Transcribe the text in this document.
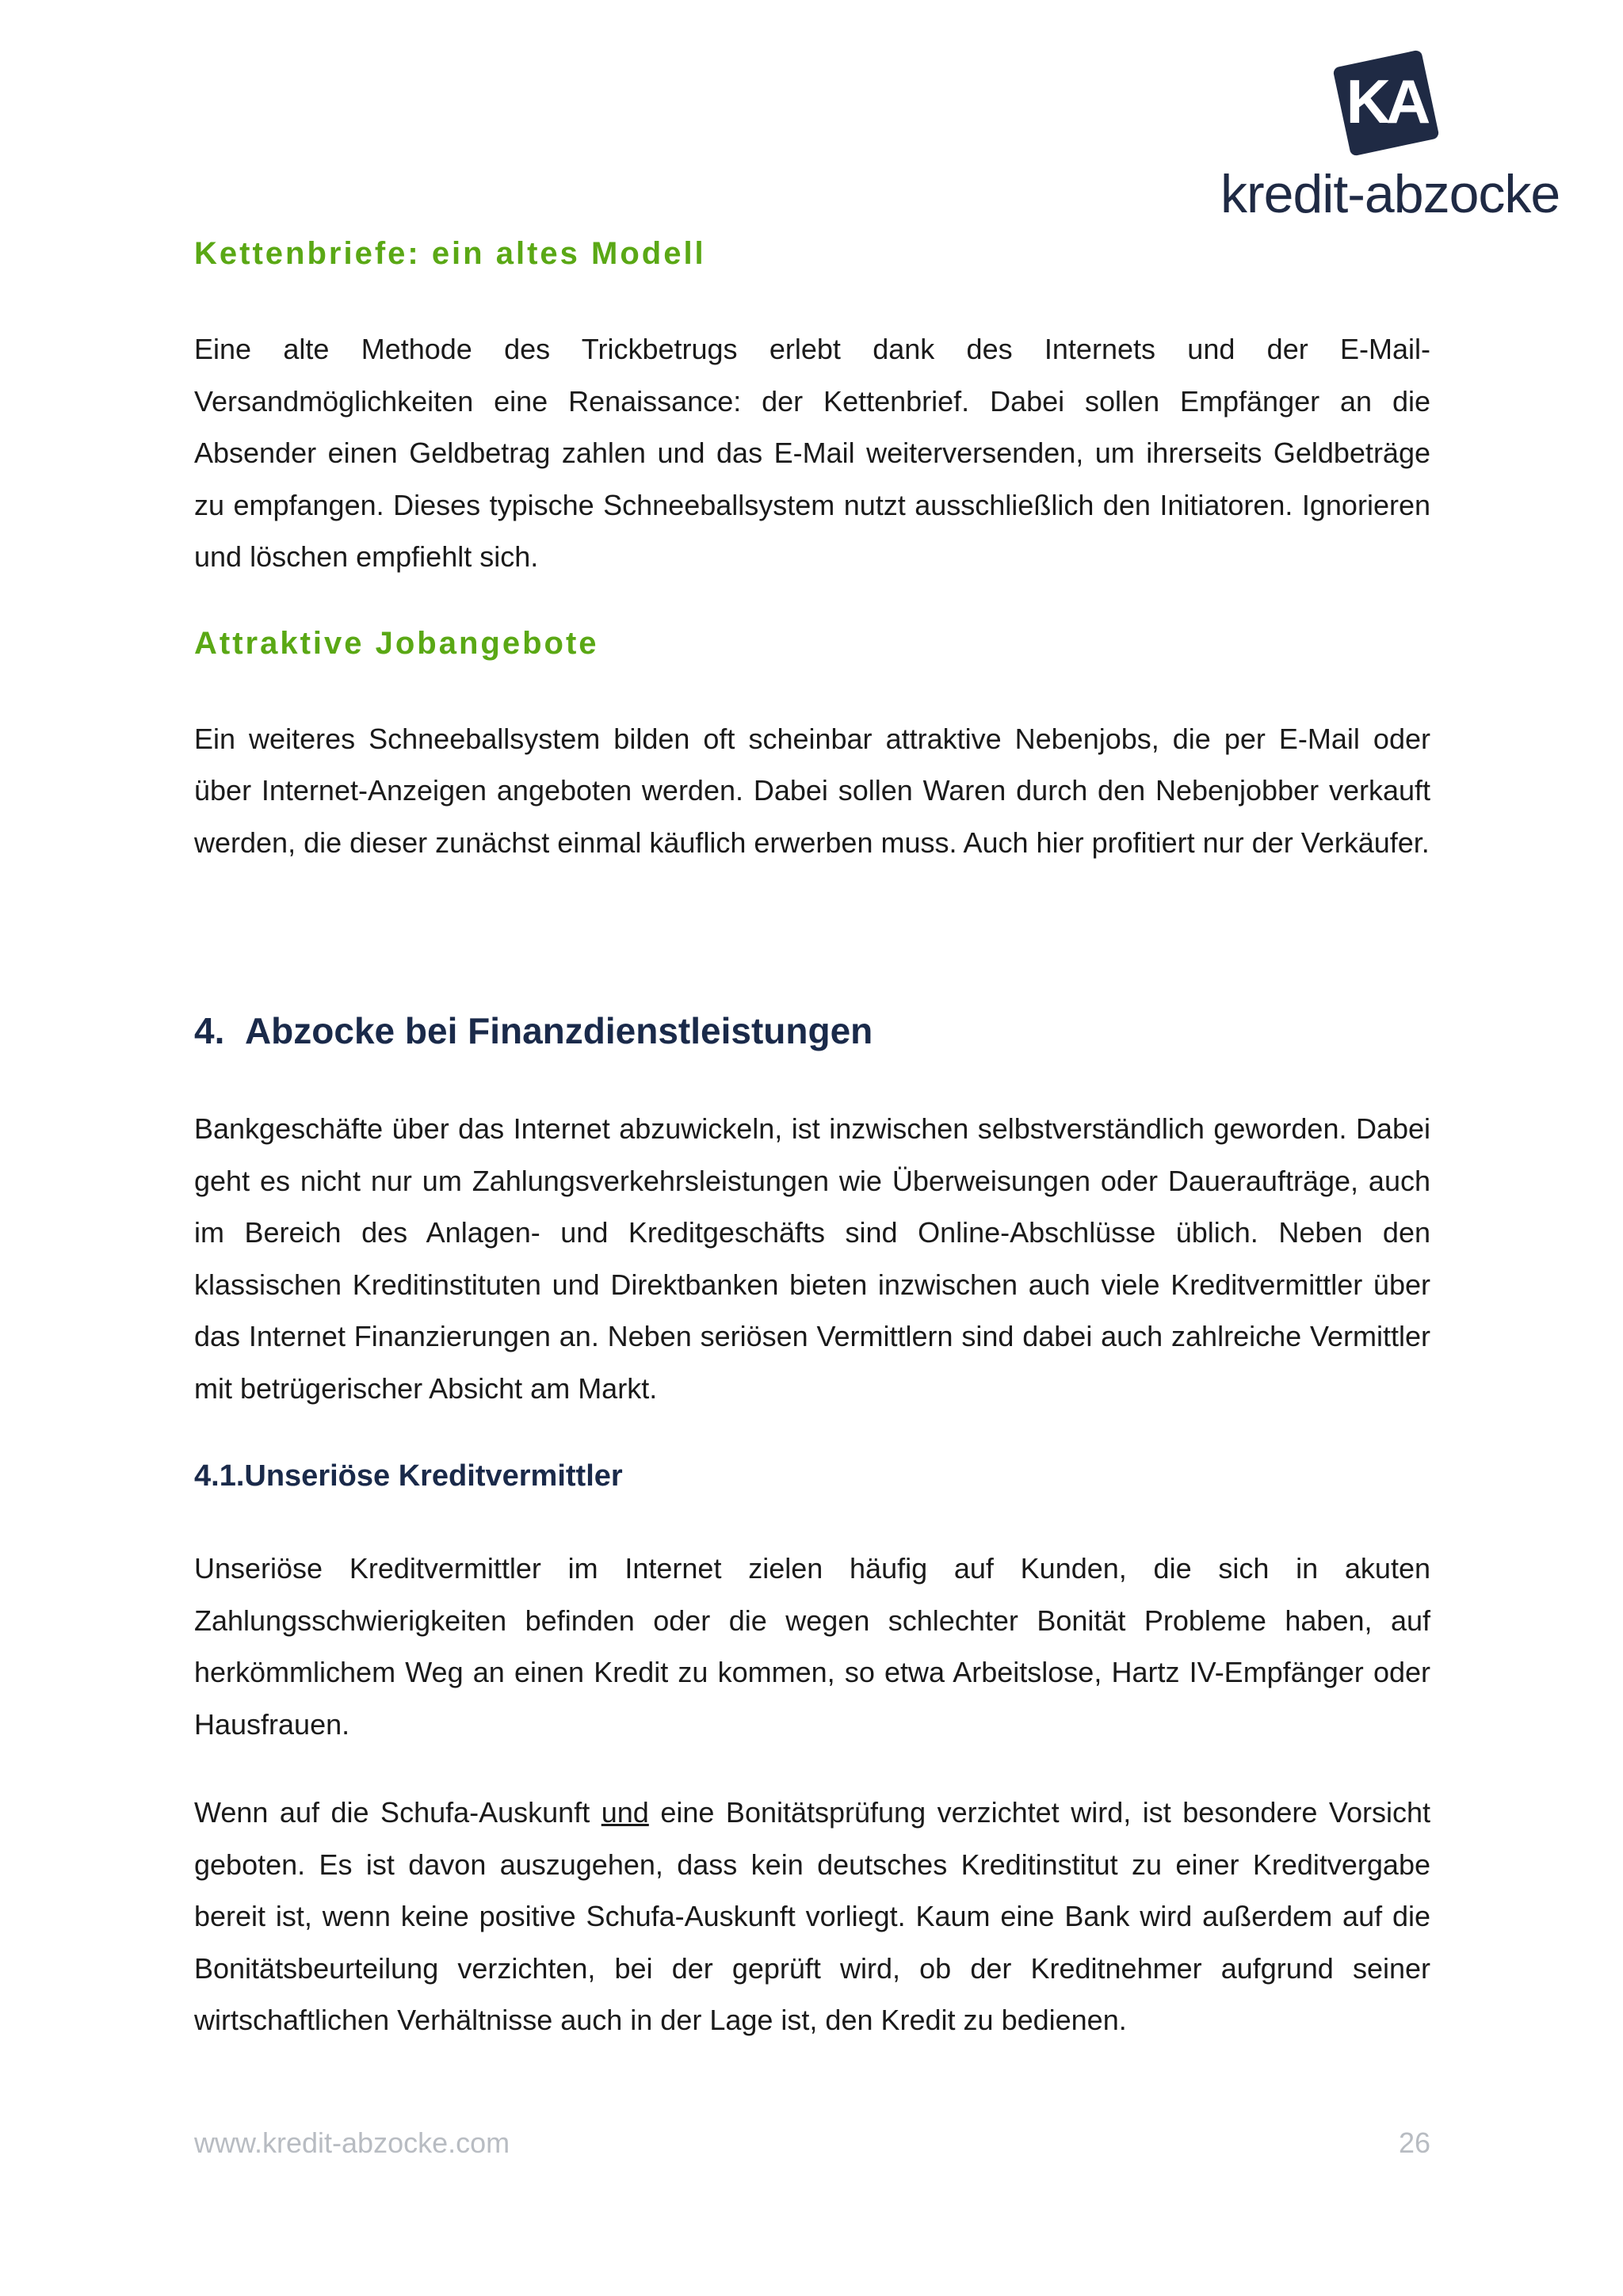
KA
kredit-abzocke
Kettenbriefe: ein altes Modell

Eine alte Methode des Trickbetrugs erlebt dank des Internets und der E-Mail-Versandmöglichkeiten eine Renaissance: der Kettenbrief. Dabei sollen Empfänger an die Absender einen Geldbetrag zahlen und das E-Mail weiterversenden, um ihrerseits Geldbeträge zu empfangen. Dieses typische Schneeballsystem nutzt ausschließlich den Initiatoren. Ignorieren und löschen empfiehlt sich.

Attraktive Jobangebote

Ein weiteres Schneeballsystem bilden oft scheinbar attraktive Nebenjobs, die per E-Mail oder über Internet-Anzeigen angeboten werden. Dabei sollen Waren durch den Nebenjobber verkauft werden, die dieser zunächst einmal käuflich erwerben muss. Auch hier profitiert nur der Verkäufer.

4. Abzocke bei Finanzdienstleistungen

Bankgeschäfte über das Internet abzuwickeln, ist inzwischen selbstverständlich geworden. Dabei geht es nicht nur um Zahlungsverkehrsleistungen wie Überweisungen oder Daueraufträge, auch im Bereich des Anlagen- und Kreditgeschäfts sind Online-Abschlüsse üblich. Neben den klassischen Kreditinstituten und Direktbanken bieten inzwischen auch viele Kreditvermittler über das Internet Finanzierungen an. Neben seriösen Vermittlern sind dabei auch zahlreiche Vermittler mit betrügerischer Absicht am Markt.

4.1.Unseriöse Kreditvermittler

Unseriöse Kreditvermittler im Internet zielen häufig auf Kunden, die sich in akuten Zahlungsschwierigkeiten befinden oder die wegen schlechter Bonität Probleme haben, auf herkömmlichem Weg an einen Kredit zu kommen, so etwa Arbeitslose, Hartz IV-Empfänger oder Hausfrauen.

Wenn auf die Schufa-Auskunft und eine Bonitätsprüfung verzichtet wird, ist besondere Vorsicht geboten. Es ist davon auszugehen, dass kein deutsches Kreditinstitut zu einer Kreditvergabe bereit ist, wenn keine positive Schufa-Auskunft vorliegt. Kaum eine Bank wird außerdem auf die Bonitätsbeurteilung verzichten, bei der geprüft wird, ob der Kreditnehmer aufgrund seiner wirtschaftlichen Verhältnisse auch in der Lage ist, den Kredit zu bedienen.

www.kredit-abzocke.com	26
